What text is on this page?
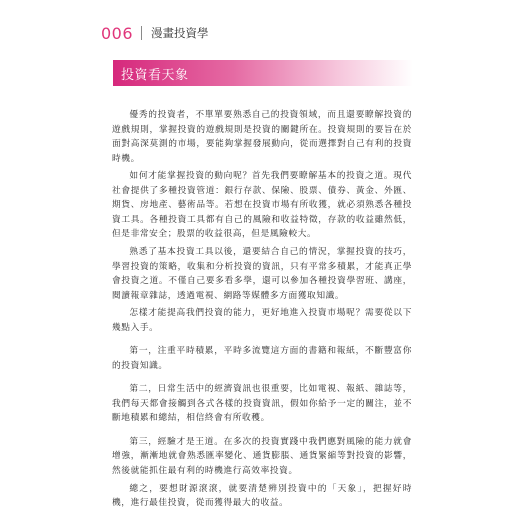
006 漫畫投資學
投資看天象

優秀的投資者，不單單要熟悉自己的投資領域，而且還要瞭解投資的遊戲規則，掌握投資的遊戲規則是投資的關鍵所在。投資規則的要旨在於面對高深莫測的市場，要能夠掌握發展動向，從而選擇對自己有利的投資時機。

如何才能掌握投資的動向呢？首先我們要瞭解基本的投資之道。現代社會提供了多種投資管道：銀行存款、保險、股票、債券、黃金、外匯、期貨、房地產、藝術品等。若想在投資市場有所收獲，就必須熟悉各種投資工具。各種投資工具都有自己的風險和收益特徵，存款的收益雖然低，但是非常安全；股票的收益很高，但是風險較大。

熟悉了基本投資工具以後，還要結合自己的情況，掌握投資的技巧，學習投資的策略，收集和分析投資的資訊，只有平常多積累，才能真正學會投資之道。不僅自己要多看多學，還可以參加各種投資學習班、講座，閱讀報章雜誌，透過電視、網路等媒體多方面獲取知識。

怎樣才能提高我們投資的能力，更好地進入投資市場呢？需要從以下幾點入手。

第一，注重平時積累，平時多流覽這方面的書籍和報紙，不斷豐富你的投資知識。

第二，日常生活中的經濟資訊也很重要，比如電視、報紙、雜誌等，我們每天都會接觸到各式各樣的投資資訊，假如你給予一定的關注，並不斷地積累和總結，相信終會有所收穫。

第三，經驗才是王道。在多次的投資實踐中我們應對風險的能力就會增強，漸漸地就會熟悉匯率變化、通貨膨脹、通貨緊縮等對投資的影響，然後就能抓住最有利的時機進行高效率投資。

總之，要想財源滾滾，就要清楚辨別投資中的「天象」，把握好時機，進行最佳投資，從而獲得最大的收益。
